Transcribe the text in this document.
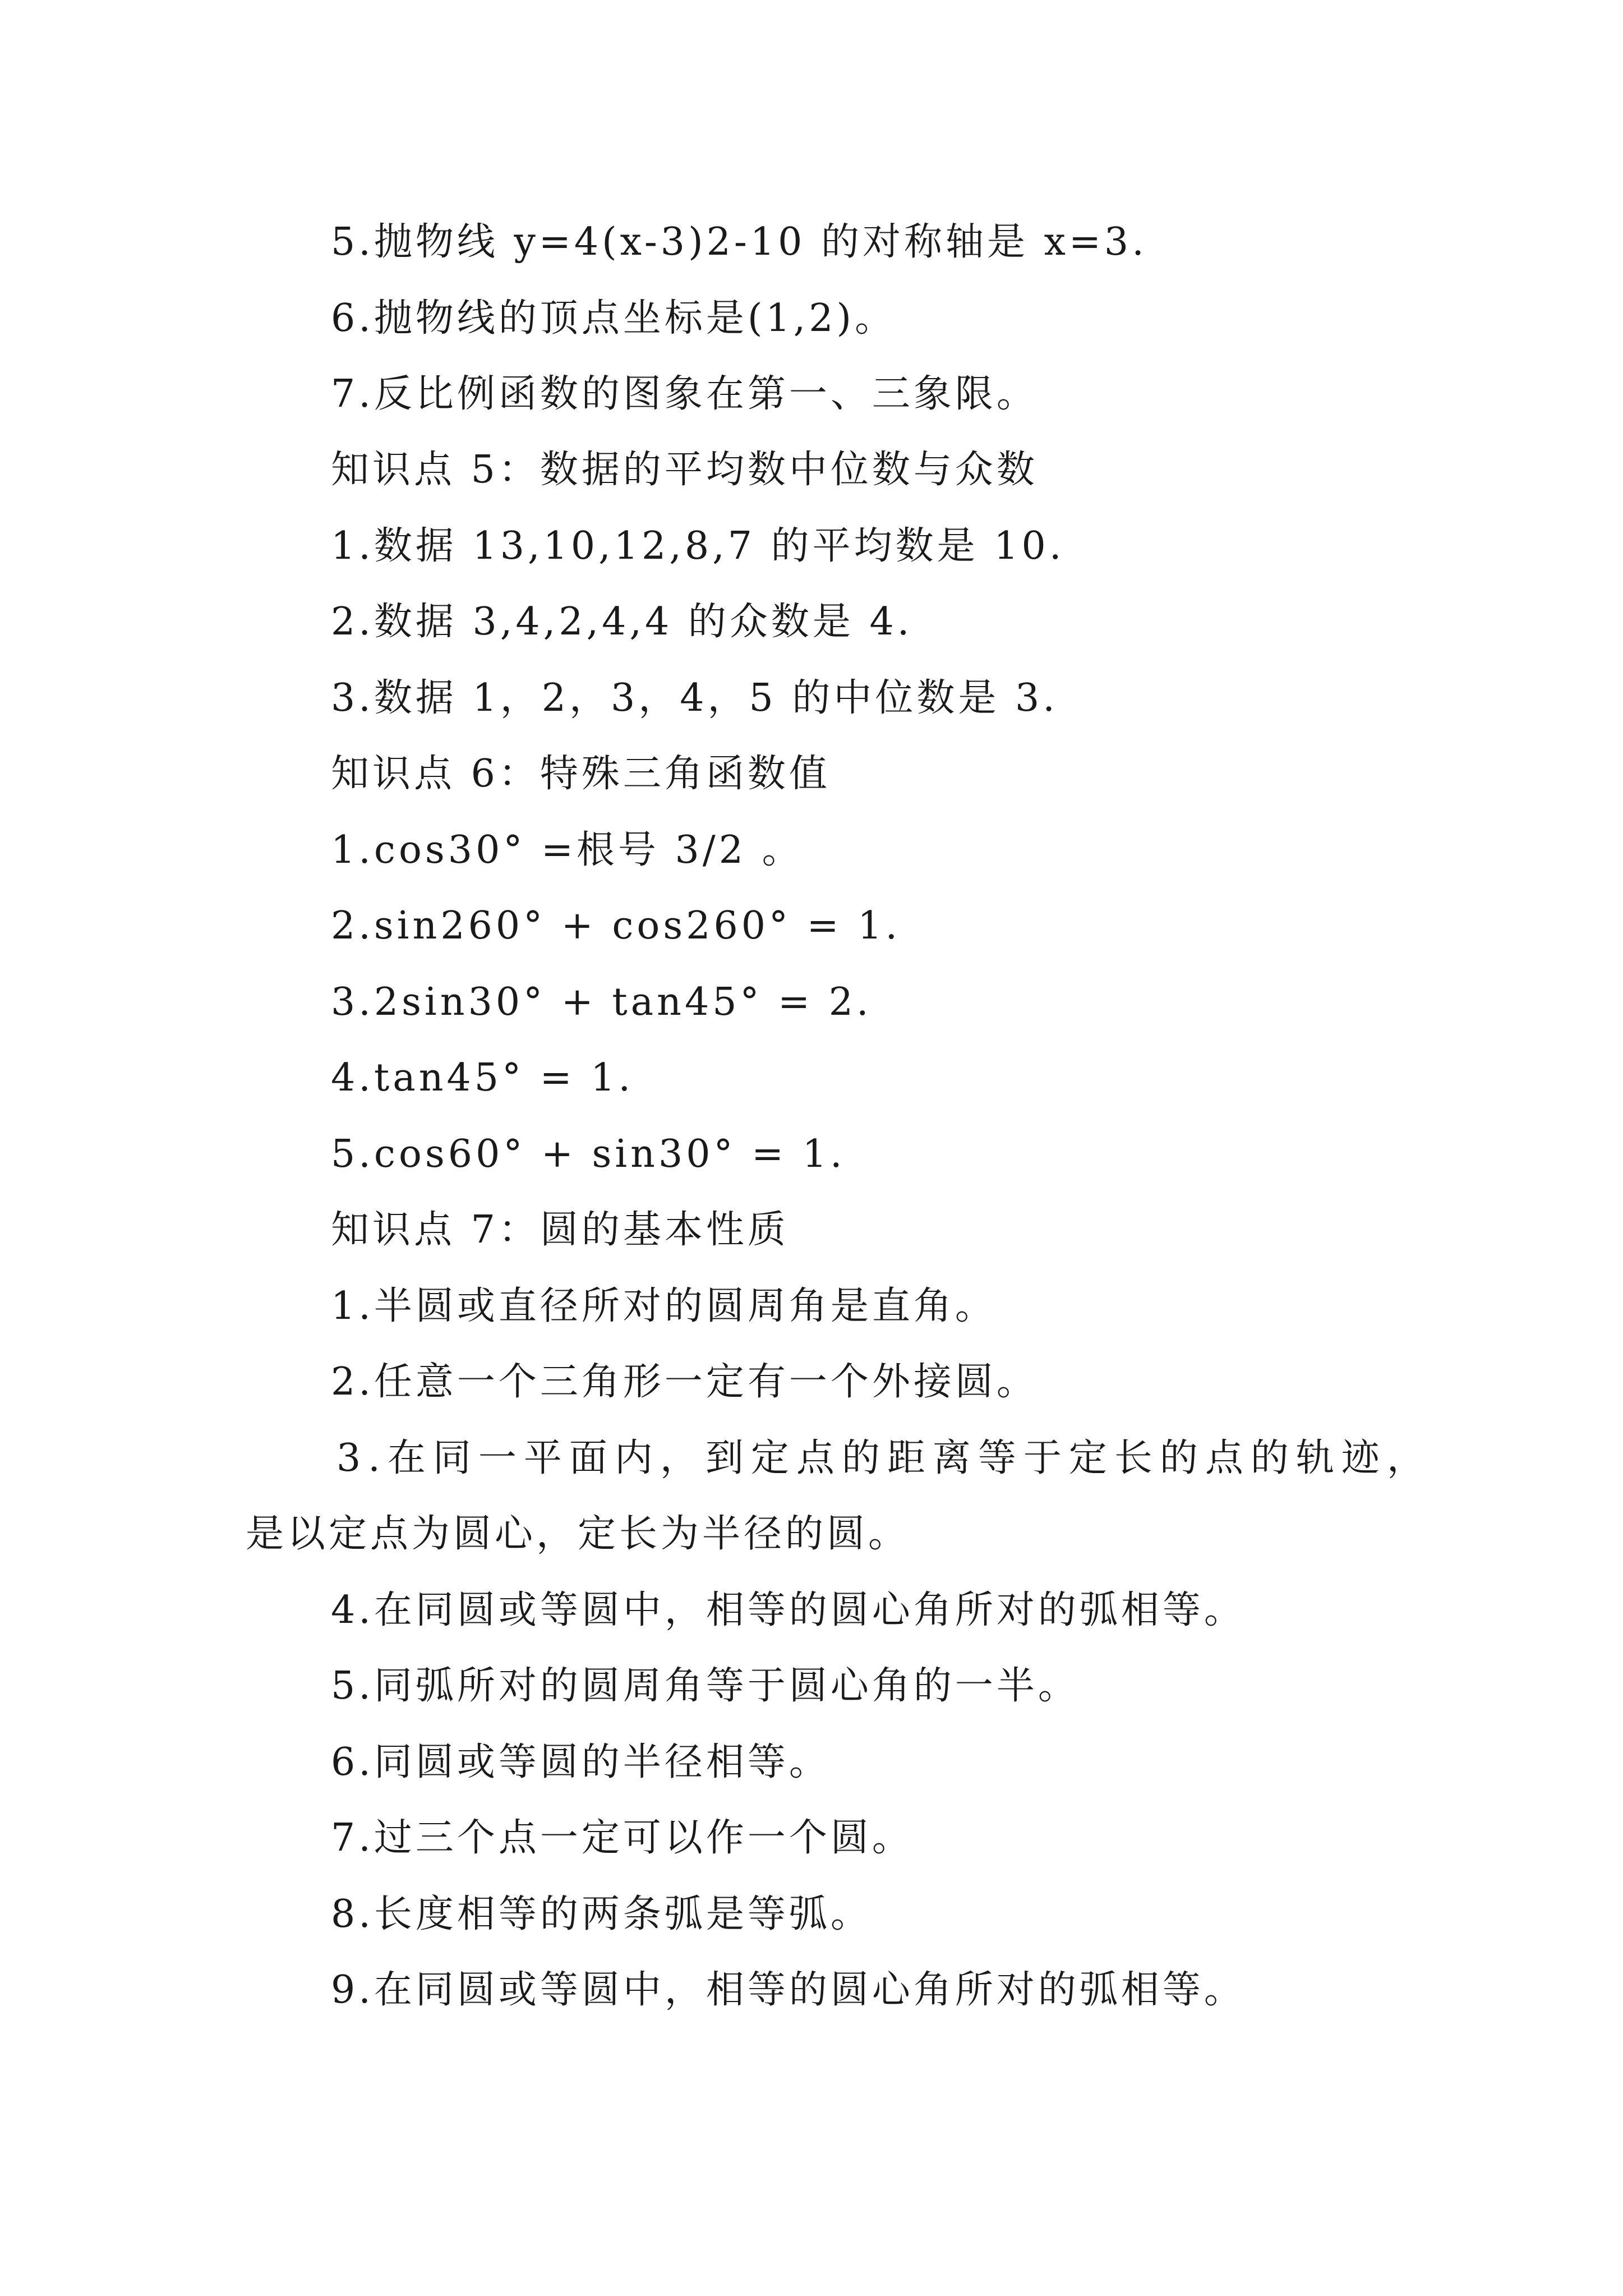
5.抛物线 y=4(x-3)2-10 的对称轴是 x=3.
6.抛物线的顶点坐标是(1,2)。
7.反比例函数的图象在第一、三象限。
知识点 5：数据的平均数中位数与众数
1.数据 13,10,12,8,7 的平均数是 10.
2.数据 3,4,2,4,4 的众数是 4.
3.数据 1，2，3，4，5 的中位数是 3.
知识点 6：特殊三角函数值
1.cos30° =根号 3/2 。
2.sin260° + cos260° = 1.
3.2sin30° + tan45° = 2.
4.tan45° = 1.
5.cos60° + sin30° = 1.
知识点 7：圆的基本性质
1.半圆或直径所对的圆周角是直角。
2.任意一个三角形一定有一个外接圆。
3.在同一平面内，到定点的距离等于定长的点的轨迹，
是以定点为圆心，定长为半径的圆。
4.在同圆或等圆中，相等的圆心角所对的弧相等。
5.同弧所对的圆周角等于圆心角的一半。
6.同圆或等圆的半径相等。
7.过三个点一定可以作一个圆。
8.长度相等的两条弧是等弧。
9.在同圆或等圆中，相等的圆心角所对的弧相等。
